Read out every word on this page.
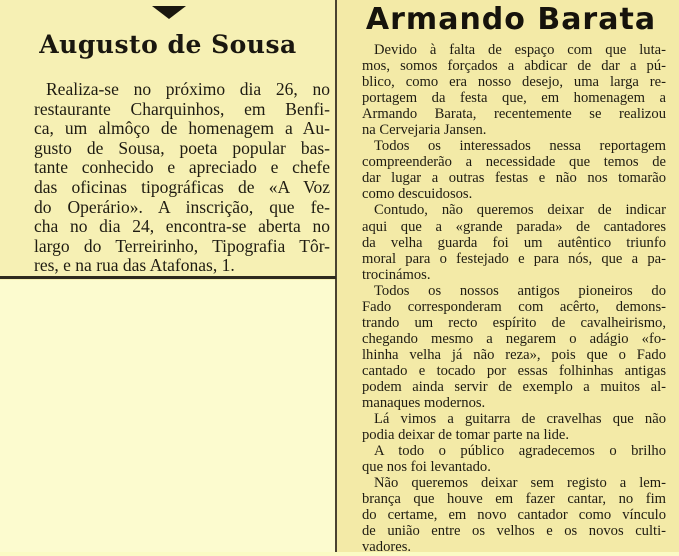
Augusto de Sousa
Realiza-se no próximo dia 26, no
restaurante Charquinhos, em Benfi-
ca, um almôço de homenagem a Au-
gusto de Sousa, poeta popular bas-
tante conhecido e apreciado e chefe
das oficinas tipográficas de «A Voz
do Operário». A inscrição, que fe-
cha no dia 24, encontra-se aberta no
largo do Terreirinho, Tipografia Tôr-
res, e na rua das Atafonas, 1.
Armando Barata
Devido à falta de espaço com que luta-
mos, somos forçados a abdicar de dar a pú-
blico, como era nosso desejo, uma larga re-
portagem da festa que, em homenagem a
Armando Barata, recentemente se realizou
na Cervejaria Jansen.
Todos os interessados nessa reportagem
compreenderão a necessidade que temos de
dar lugar a outras festas e não nos tomarão
como descuidosos.
Contudo, não queremos deixar de indicar
aqui que a «grande parada» de cantadores
da velha guarda foi um autêntico triunfo
moral para o festejado e para nós, que a pa-
trocinámos.
Todos os nossos antigos pioneiros do
Fado corresponderam com acêrto, demons-
trando um recto espírito de cavalheirismo,
chegando mesmo a negarem o adágio «fo-
lhinha velha já não reza», pois que o Fado
cantado e tocado por essas folhinhas antigas
podem ainda servir de exemplo a muitos al-
manaques modernos.
Lá vimos a guitarra de cravelhas que não
podia deixar de tomar parte na lide.
A todo o público agradecemos o brilho
que nos foi levantado.
Não queremos deixar sem registo a lem-
brança que houve em fazer cantar, no fim
do certame, em novo cantador como vínculo
de união entre os velhos e os novos culti-
vadores.
